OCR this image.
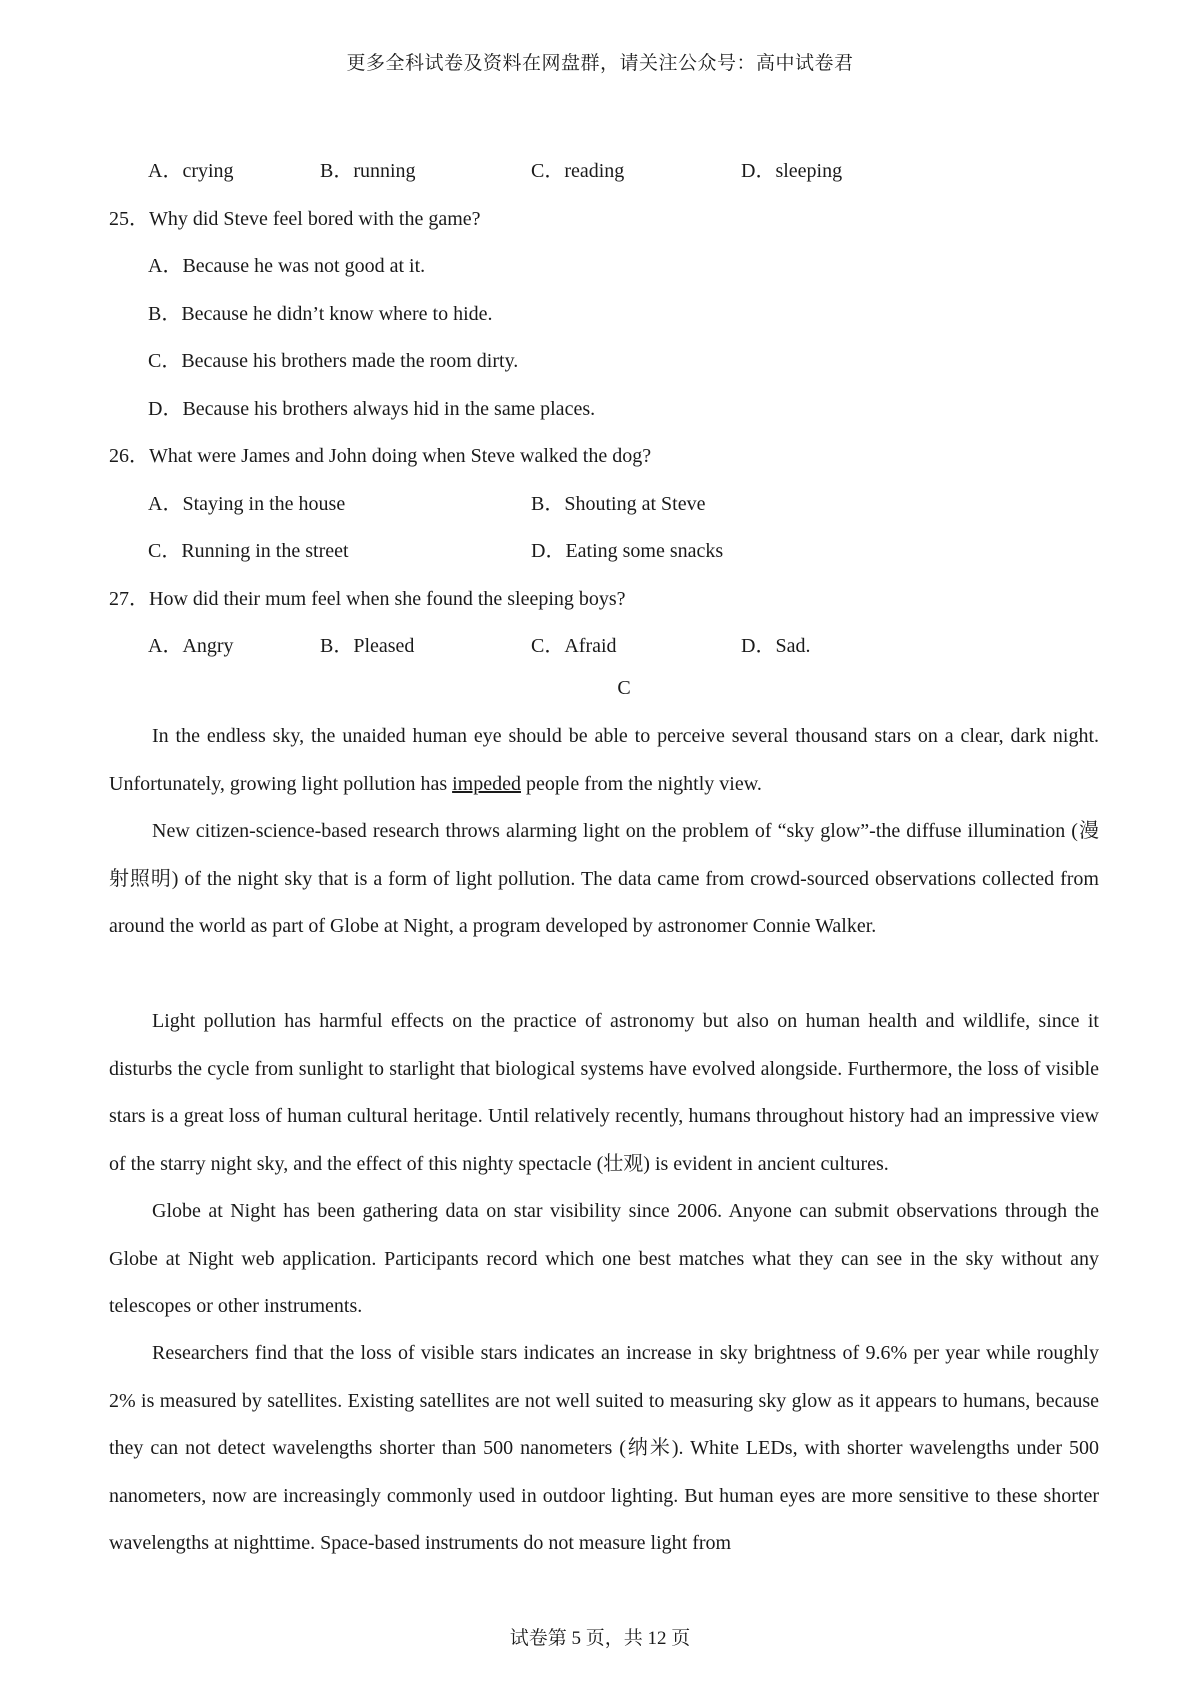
更多全科试卷及资料在网盘群，请关注公众号：高中试卷君
A．crying	B．running	C．reading	D．sleeping
25．Why did Steve feel bored with the game?
A．Because he was not good at it.
B．Because he didn’t know where to hide.
C．Because his brothers made the room dirty.
D．Because his brothers always hid in the same places.
26．What were James and John doing when Steve walked the dog?
A．Staying in the house	B．Shouting at Steve
C．Running in the street	D．Eating some snacks
27．How did their mum feel when she found the sleeping boys?
A．Angry	B．Pleased	C．Afraid	D．Sad.
C

In the endless sky, the unaided human eye should be able to perceive several thousand stars on a clear, dark night. Unfortunately, growing light pollution has impeded people from the nightly view.

New citizen-science-based research throws alarming light on the problem of “sky glow”-the diffuse illumination (漫射照明) of the night sky that is a form of light pollution. The data came from crowd-sourced observations collected from around the world as part of Globe at Night, a program developed by astronomer Connie Walker.

Light pollution has harmful effects on the practice of astronomy but also on human health and wildlife, since it disturbs the cycle from sunlight to starlight that biological systems have evolved alongside. Furthermore, the loss of visible stars is a great loss of human cultural heritage. Until relatively recently, humans throughout history had an impressive view of the starry night sky, and the effect of this nighty spectacle (壮观) is evident in ancient cultures.

Globe at Night has been gathering data on star visibility since 2006. Anyone can submit observations through the Globe at Night web application. Participants record which one best matches what they can see in the sky without any telescopes or other instruments.

Researchers find that the loss of visible stars indicates an increase in sky brightness of 9.6% per year while roughly 2% is measured by satellites. Existing satellites are not well suited to measuring sky glow as it appears to humans, because they can not detect wavelengths shorter than 500 nanometers (纳米). White LEDs, with shorter wavelengths under 500 nanometers, now are increasingly commonly used in outdoor lighting. But human eyes are more sensitive to these shorter wavelengths at nighttime. Space-based instruments do not measure light from

试卷第 5 页，共 12 页
